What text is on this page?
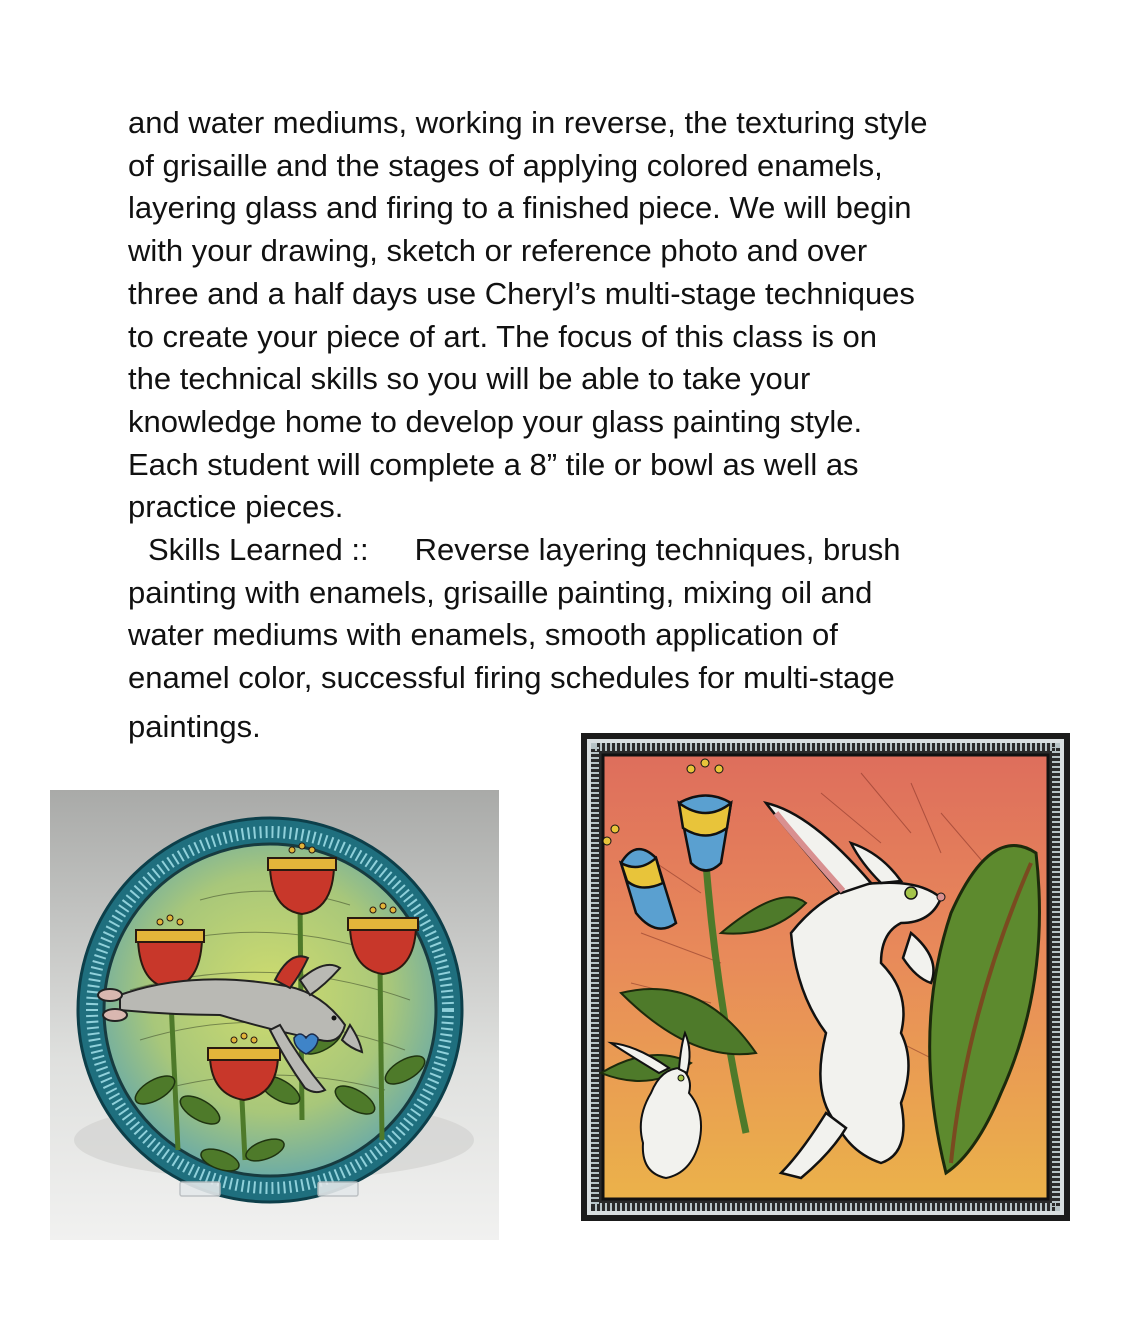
and water mediums, working in reverse, the texturing style
of grisaille and the stages of applying colored enamels,
layering glass and firing to a finished piece. We will begin
with your drawing, sketch or reference photo and over
three and a half days use Cheryl’s multi-stage techniques
to create your piece of art. The focus of this class is on
the technical skills so you will be able to take your
knowledge home to develop your glass painting style.
Each student will complete a 8” tile or bowl as well as
practice pieces.
Skills Learned :: Reverse layering techniques, brush
painting with enamels, grisaille painting, mixing oil and
water mediums with enamels, smooth application of
enamel color, successful firing schedules for multi-stage
paintings.
